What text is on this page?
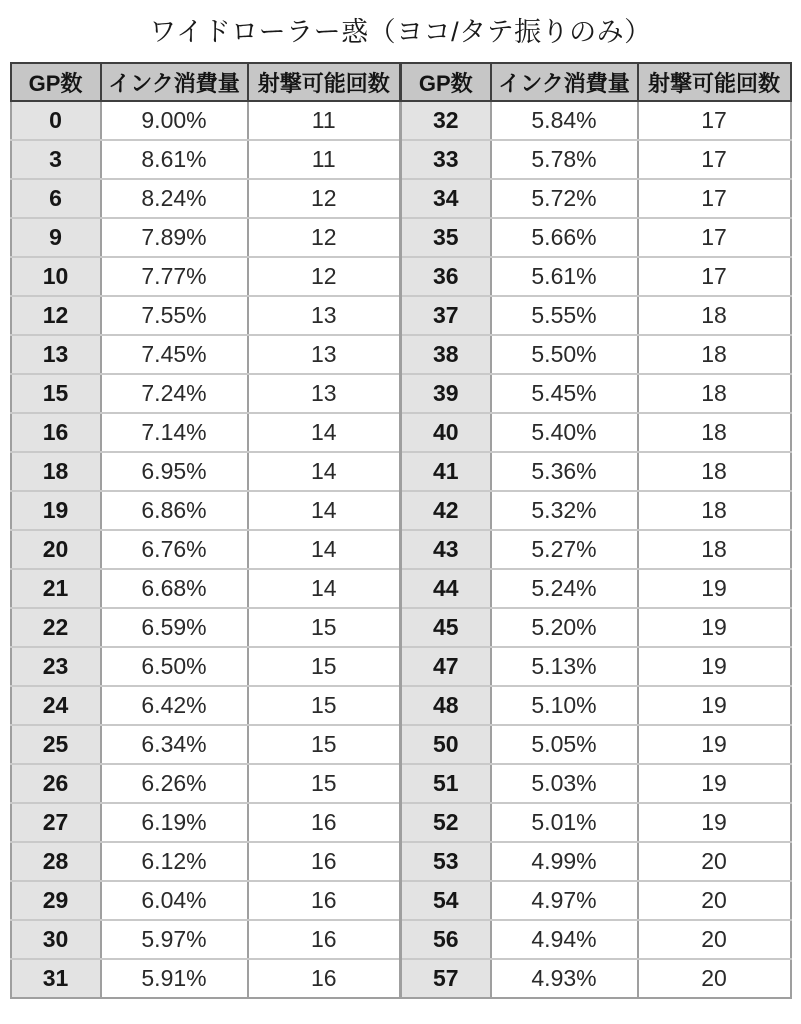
ワイドローラー惑（ヨコ/タテ振りのみ）
GP数	インク消費量	射撃可能回数	GP数	インク消費量	射撃可能回数
0	9.00%	11	32	5.84%	17
3	8.61%	11	33	5.78%	17
6	8.24%	12	34	5.72%	17
9	7.89%	12	35	5.66%	17
10	7.77%	12	36	5.61%	17
12	7.55%	13	37	5.55%	18
13	7.45%	13	38	5.50%	18
15	7.24%	13	39	5.45%	18
16	7.14%	14	40	5.40%	18
18	6.95%	14	41	5.36%	18
19	6.86%	14	42	5.32%	18
20	6.76%	14	43	5.27%	18
21	6.68%	14	44	5.24%	19
22	6.59%	15	45	5.20%	19
23	6.50%	15	47	5.13%	19
24	6.42%	15	48	5.10%	19
25	6.34%	15	50	5.05%	19
26	6.26%	15	51	5.03%	19
27	6.19%	16	52	5.01%	19
28	6.12%	16	53	4.99%	20
29	6.04%	16	54	4.97%	20
30	5.97%	16	56	4.94%	20
31	5.91%	16	57	4.93%	20
